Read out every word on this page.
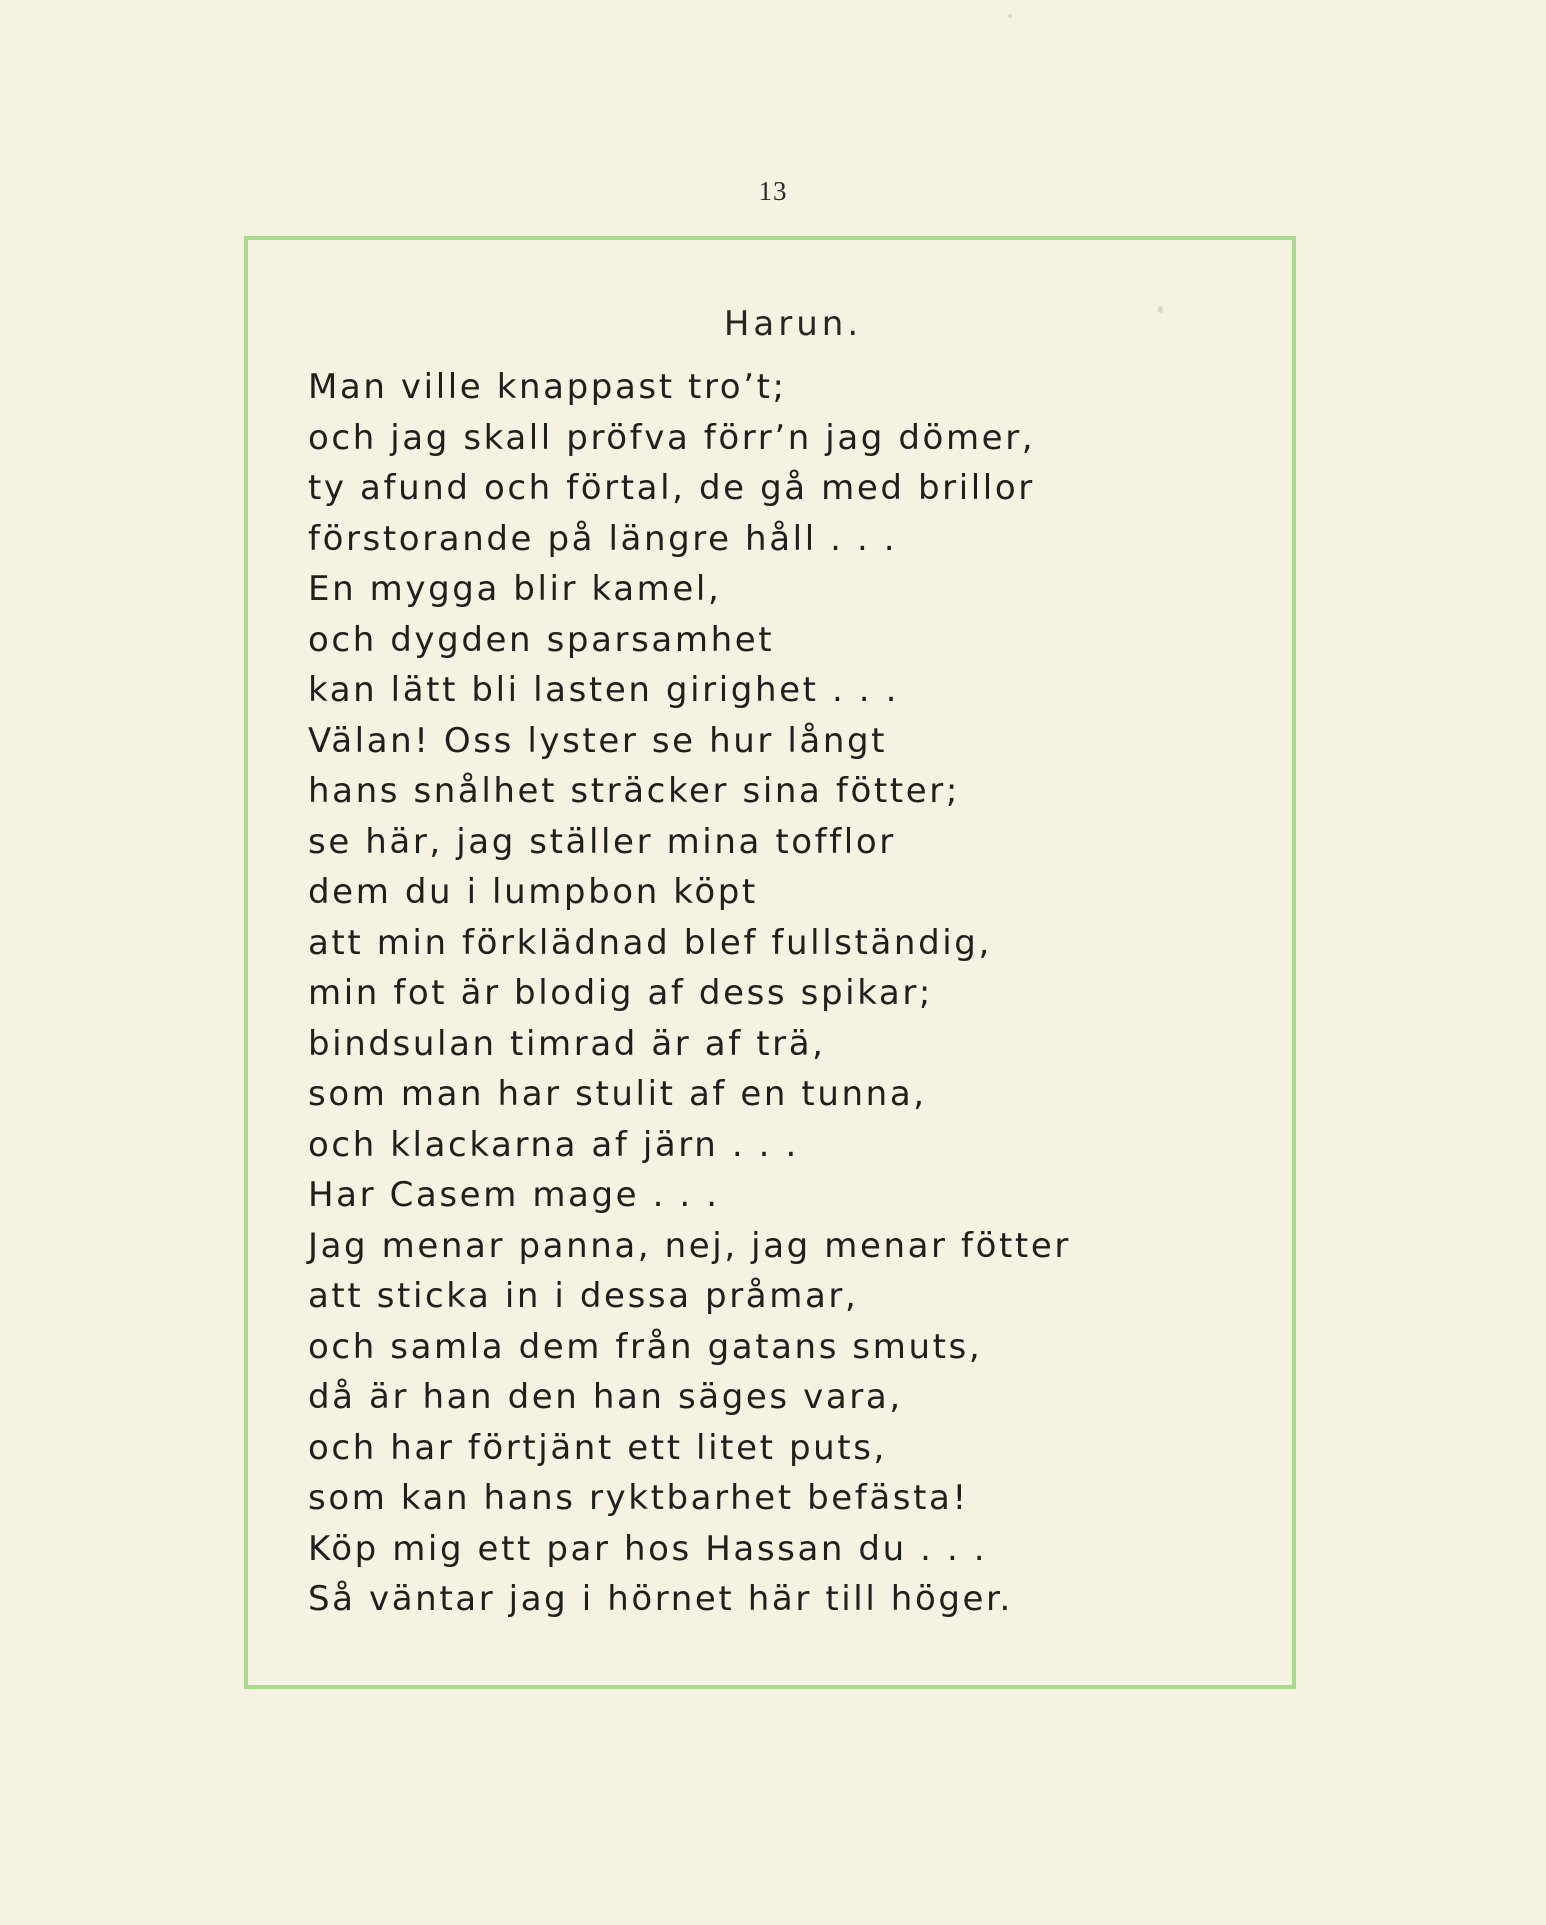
13
Harun.
Man ville knappast tro’t;
och jag skall pröfva förr’n jag dömer,
ty afund och förtal, de gå med brillor
förstorande på längre håll . . .
En mygga blir kamel,
och dygden sparsamhet
kan lätt bli lasten girighet . . .
Välan! Oss lyster se hur långt
hans snålhet sträcker sina fötter;
se här, jag ställer mina tofflor
dem du i lumpbon köpt
att min förklädnad blef fullständig,
min fot är blodig af dess spikar;
bindsulan timrad är af trä,
som man har stulit af en tunna,
och klackarna af järn . . .
Har Casem mage . . .
Jag menar panna, nej, jag menar fötter
att sticka in i dessa pråmar,
och samla dem från gatans smuts,
då är han den han säges vara,
och har förtjänt ett litet puts,
som kan hans ryktbarhet befästa!
Köp mig ett par hos Hassan du . . .
Så väntar jag i hörnet här till höger.
